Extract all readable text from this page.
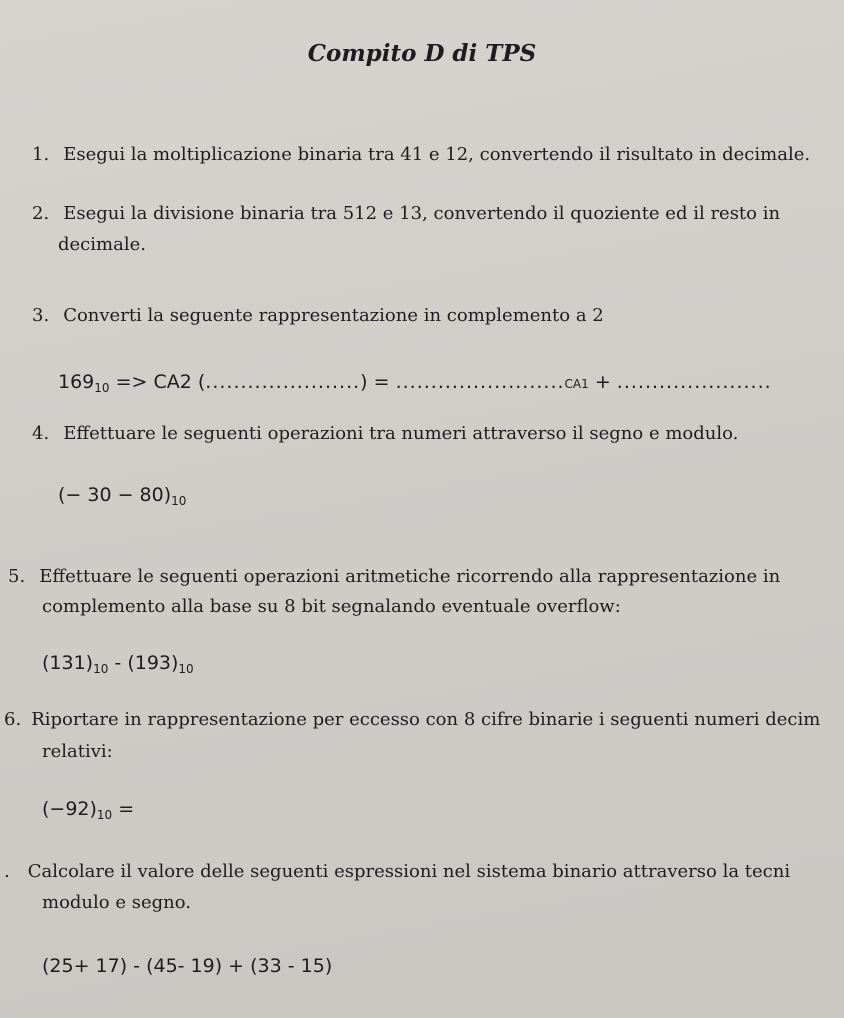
Compito D di TPS
1. Esegui la moltiplicazione binaria tra 41 e 12, convertendo il risultato in decimale.
2. Esegui la divisione binaria tra 512 e 13, convertendo il quoziente ed il resto in
decimale.
3. Converti la seguente rappresentazione in complemento a 2
$169_{10} => CA2$ (......................) = ........................CA1 + ......................
4. Effettuare le seguenti operazioni tra numeri attraverso il segno e modulo.
(− $30 - 80)_{10}$
5. Effettuare le seguenti operazioni aritmetiche ricorrendo alla rappresentazione in
complemento alla base su 8 bit segnalando eventuale overflow:
$(131)_{10} - (193)_{10}$
6. Riportare in rappresentazione per eccesso con 8 cifre binarie i seguenti numeri decim
relativi:
$(-92)_{10}$ =
. Calcolare il valore delle seguenti espressioni nel sistema binario attraverso la tecni
modulo e segno.
(25+ 17) - (45- 19) + (33 - 15)
